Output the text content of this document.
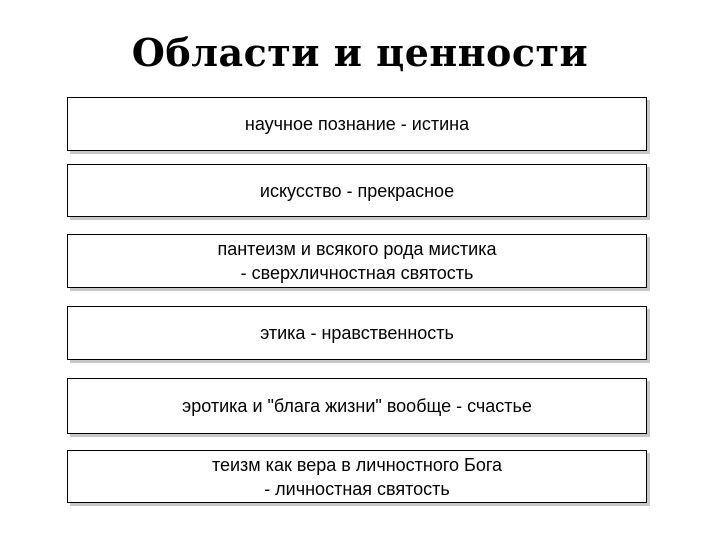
Области и ценности
научное познание - истина
искусство - прекрасное
пантеизм и всякого рода мистика
- сверхличностная святость
этика - нравственность
эротика и "блага жизни" вообще - счастье
теизм как вера в личностного Бога
- личностная святость
